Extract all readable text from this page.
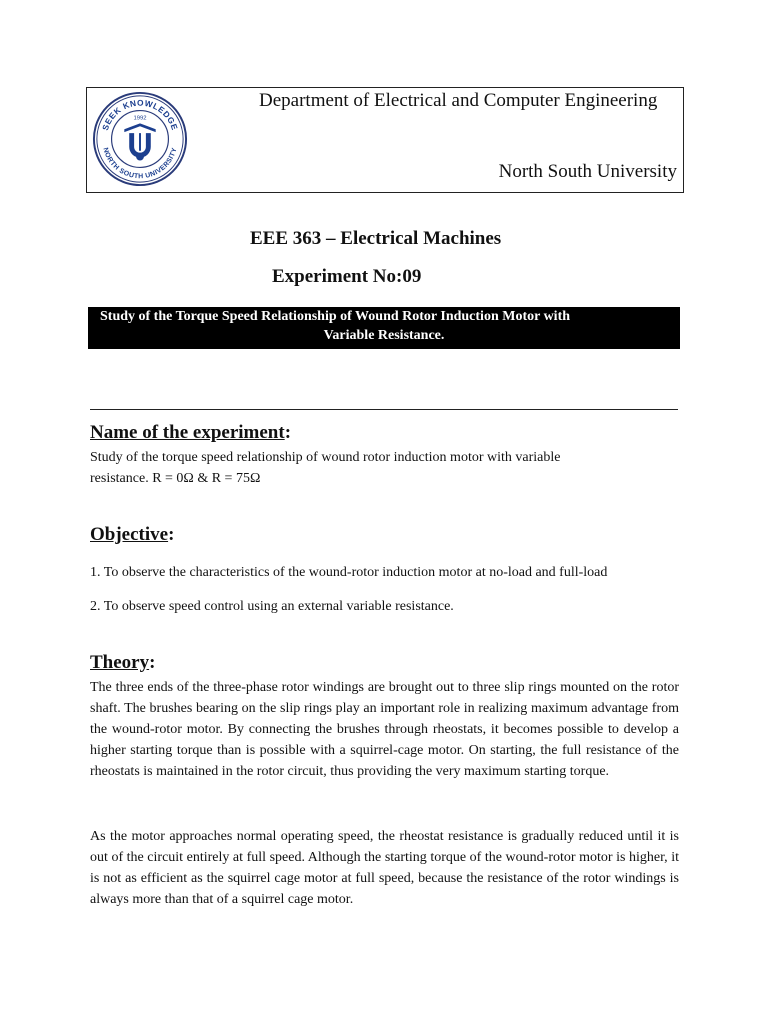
SEEK KNOWLEDGE
NORTH SOUTH UNIVERSITY
1992
Department of Electrical and Computer Engineering
North South University
EEE 363 – Electrical Machines
Experiment No:09
Study of the Torque Speed Relationship of Wound Rotor Induction Motor with
Variable Resistance.
Name of the experiment:
Study of the torque speed relationship of wound rotor induction motor with variable
resistance. R = 0Ω & R = 75Ω
Objective:
1. To observe the characteristics of the wound-rotor induction motor at no-load and full-load
2. To observe speed control using an external variable resistance.
Theory:
The three ends of the three-phase rotor windings are brought out to three slip rings mounted on the rotor shaft. The brushes bearing on the slip rings play an important role in realizing maximum advantage from the wound-rotor motor. By connecting the brushes through rheostats, it becomes possible to develop a higher starting torque than is possible with a squirrel-cage motor. On starting, the full resistance of the rheostats is maintained in the rotor circuit, thus providing the very maximum starting torque.
As the motor approaches normal operating speed, the rheostat resistance is gradually reduced until it is out of the circuit entirely at full speed. Although the starting torque of the wound-rotor motor is higher, it is not as efficient as the squirrel cage motor at full speed, because the resistance of the rotor windings is always more than that of a squirrel cage motor.
